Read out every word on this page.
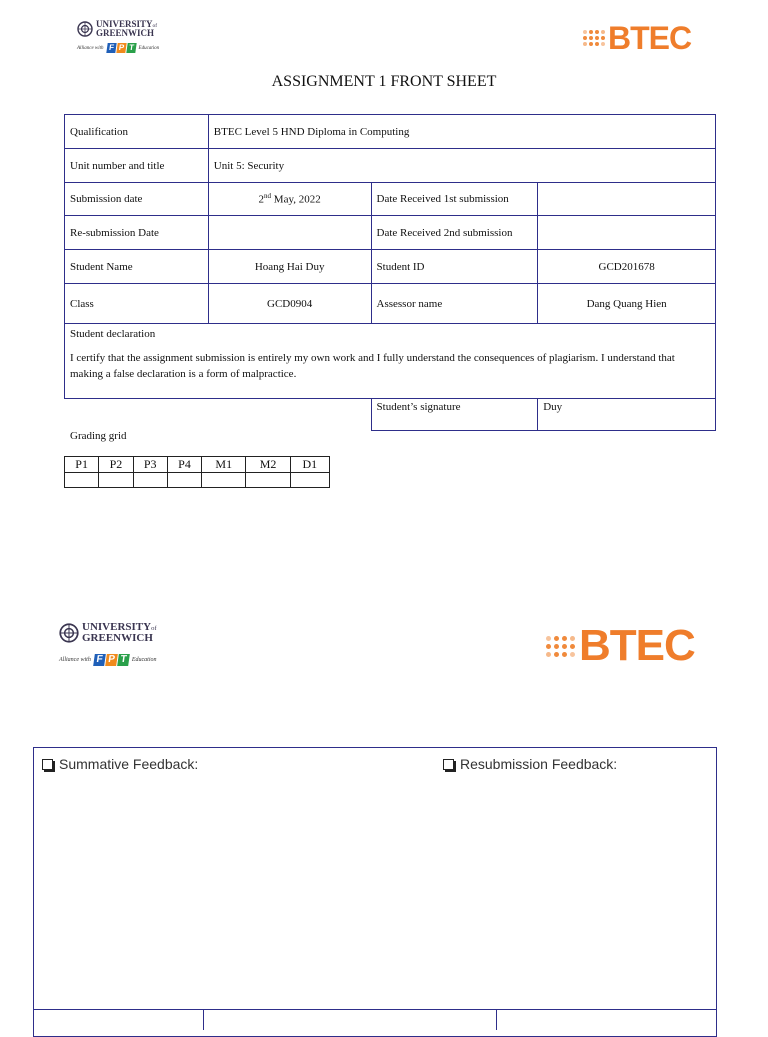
UNIVERSITYof
GREENWICH
Alliance with F P T Education	BTEC
ASSIGNMENT 1 FRONT SHEET
Qualification	BTEC Level 5 HND Diploma in Computing		
Unit number and title	Unit 5: Security		
Submission date	2nd May, 2022	Date Received 1st submission	
Re-submission Date		Date Received 2nd submission	
Student Name	Hoang Hai Duy	Student ID	GCD201678
Class	GCD0904	Assessor name	Dang Quang Hien

Student declaration
I certify that the assignment submission is entirely my own work and I fully understand the consequences of plagiarism. I understand that making a false declaration is a form of malpractice.			

		Student’s signature	Duy
Grading grid
P1	P2	P3	P4	M1	M2	D1

UNIVERSITYof
GREENWICH
Alliance with F P T Education	BTEC
Summative Feedback:	Resubmission Feedback:
